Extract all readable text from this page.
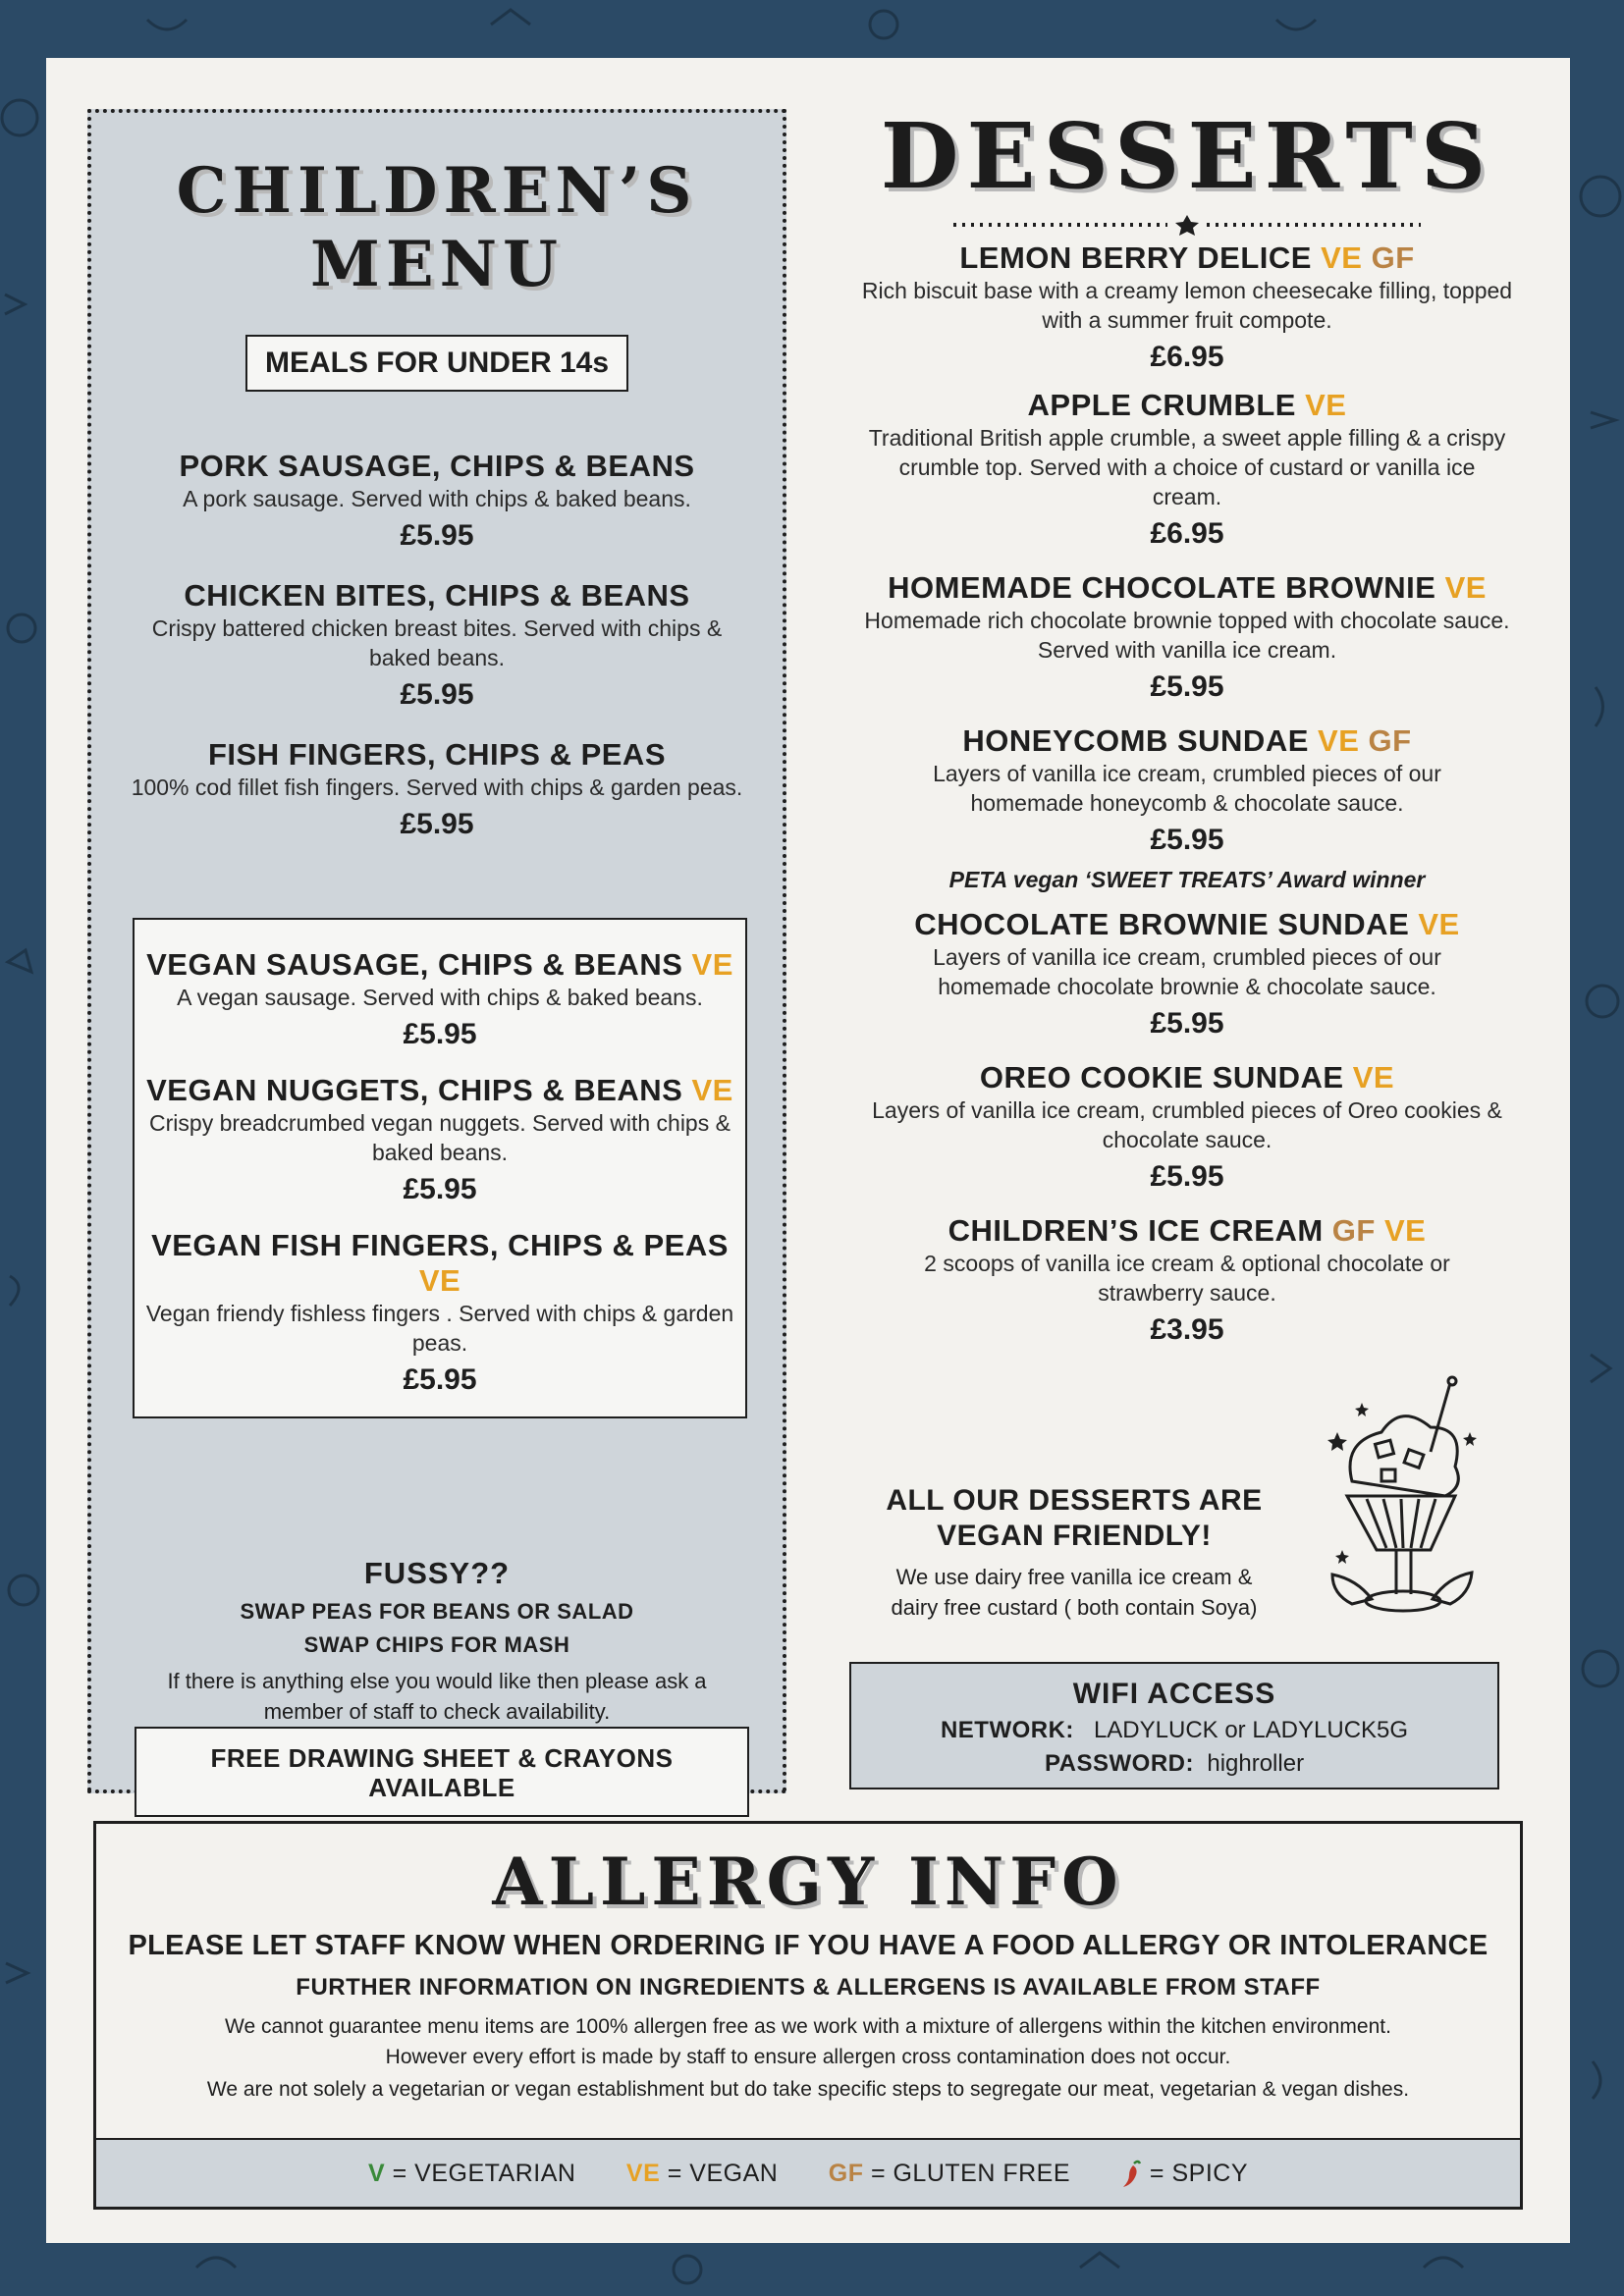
CHILDREN’S MENU
MEALS FOR UNDER 14s
PORK SAUSAGE, CHIPS & BEANS
A pork sausage. Served with chips & baked beans.
£5.95
CHICKEN BITES, CHIPS & BEANS
Crispy battered chicken breast bites. Served with chips & baked beans.
£5.95
FISH FINGERS, CHIPS & PEAS
100% cod fillet fish fingers. Served with chips & garden peas.
£5.95
VEGAN SAUSAGE, CHIPS & BEANS VE
A vegan sausage. Served with chips & baked beans.
£5.95
VEGAN NUGGETS, CHIPS & BEANS VE
Crispy breadcrumbed vegan nuggets. Served with chips & baked beans.
£5.95
VEGAN FISH FINGERS, CHIPS & PEAS VE
Vegan friendy fishless fingers . Served with chips & garden peas.
£5.95
FUSSY??
SWAP PEAS FOR BEANS OR SALAD
SWAP CHIPS FOR MASH
If there is anything else you would like then please ask a member of staff to check availability.
FREE DRAWING SHEET & CRAYONS AVAILABLE
DESSERTS
LEMON BERRY DELICE VE GF
Rich biscuit base with a creamy lemon cheesecake filling, topped with a summer fruit compote.
£6.95
APPLE CRUMBLE VE
Traditional British apple crumble, a sweet apple filling & a crispy crumble top. Served with a choice of custard or vanilla ice cream.
£6.95
HOMEMADE CHOCOLATE BROWNIE VE
Homemade rich chocolate brownie topped with chocolate sauce. Served with vanilla ice cream.
£5.95
HONEYCOMB SUNDAE VE GF
Layers of vanilla ice cream, crumbled pieces of our homemade honeycomb & chocolate sauce.
£5.95
PETA vegan ‘SWEET TREATS’ Award winner
CHOCOLATE BROWNIE SUNDAE VE
Layers of vanilla ice cream, crumbled pieces of our homemade chocolate brownie & chocolate sauce.
£5.95
OREO COOKIE SUNDAE VE
Layers of vanilla ice cream, crumbled pieces of Oreo cookies & chocolate sauce.
£5.95
CHILDREN’S ICE CREAM GF VE
2 scoops of vanilla ice cream & optional chocolate or strawberry sauce.
£3.95
ALL OUR DESSERTS ARE VEGAN FRIENDLY!
We use dairy free vanilla ice cream & dairy free custard ( both contain Soya)
WIFI ACCESS
NETWORK: LADYLUCK or LADYLUCK5G
PASSWORD: highroller
ALLERGY INFO
PLEASE LET STAFF KNOW WHEN ORDERING IF YOU HAVE A FOOD ALLERGY OR INTOLERANCE
FURTHER INFORMATION ON INGREDIENTS & ALLERGENS IS AVAILABLE FROM STAFF
We cannot guarantee menu items are 100% allergen free as we work with a mixture of allergens within the kitchen environment.
However every effort is made by staff to ensure allergen cross contamination does not occur.
We are not solely a vegetarian or vegan establishment but do take specific steps to segregate our meat, vegetarian & vegan dishes.
V = VEGETARIAN VE = VEGAN GF = GLUTEN FREE	= SPICY
